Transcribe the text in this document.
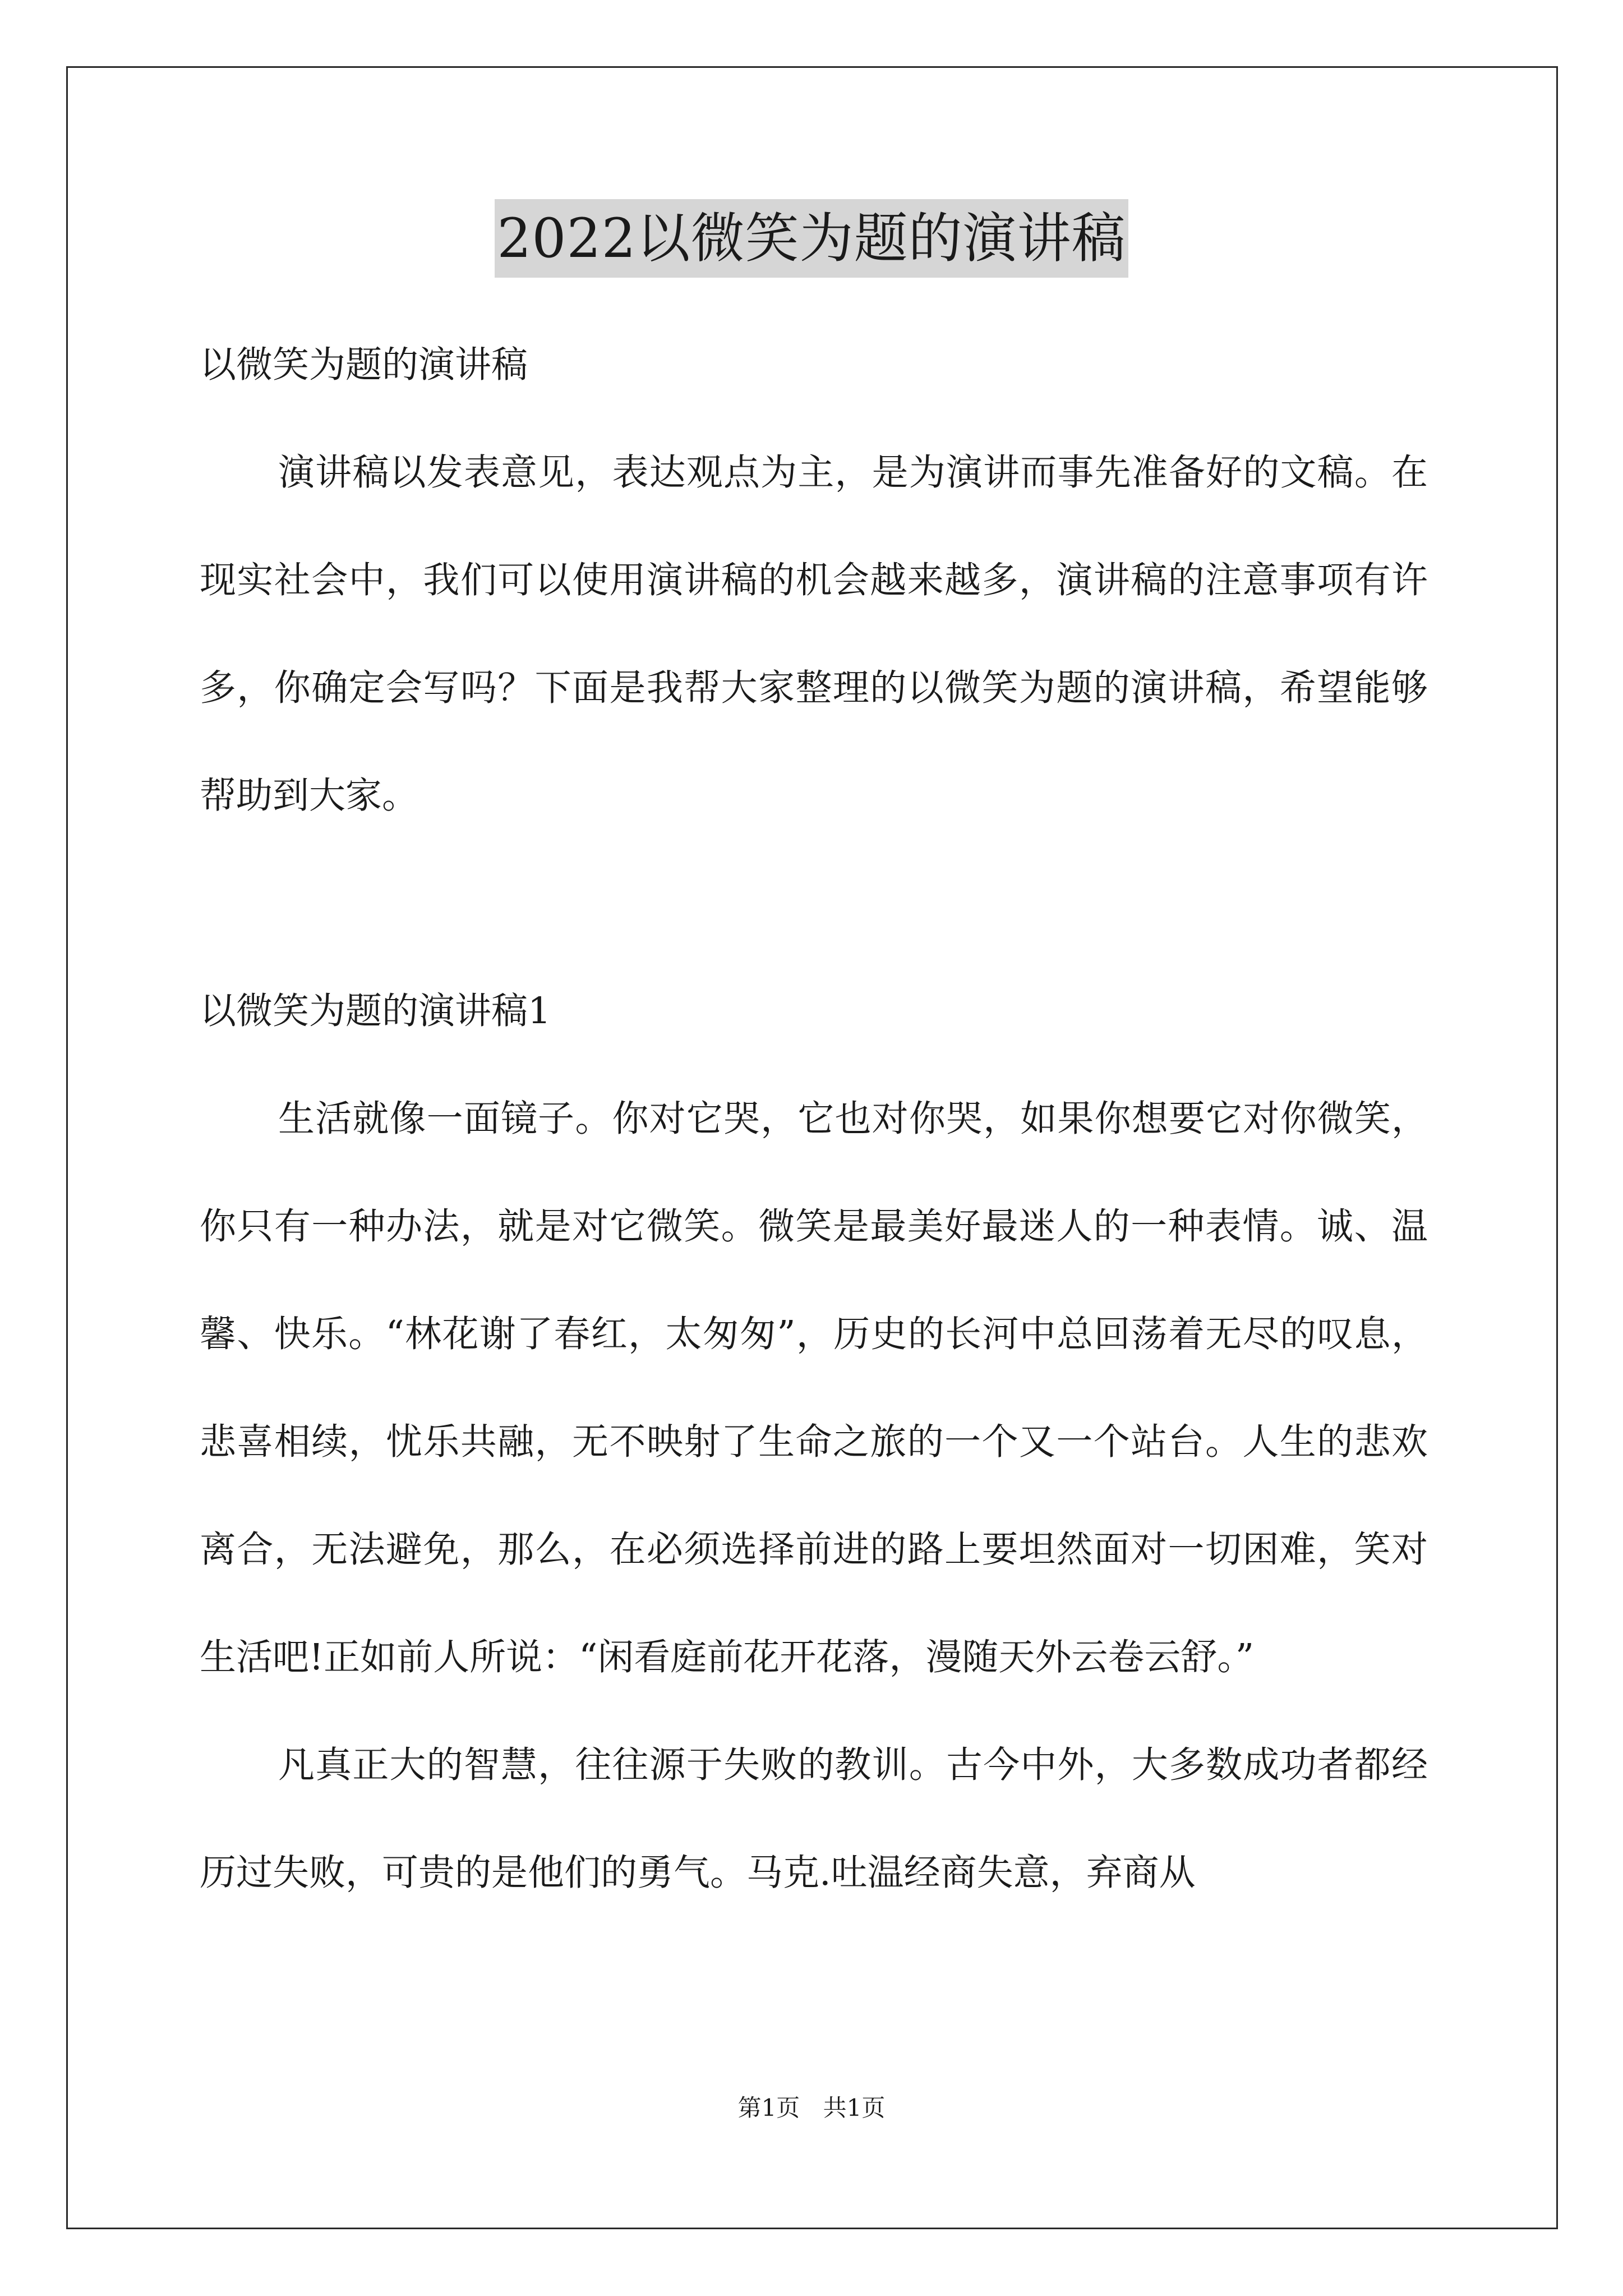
2022以微笑为题的演讲稿

以微笑为题的演讲稿

演讲稿以发表意见，表达观点为主，是为演讲而事先准备好的文稿。在现实社会中，我们可以使用演讲稿的机会越来越多，演讲稿的注意事项有许多，你确定会写吗？下面是我帮大家整理的以微笑为题的演讲稿，希望能够帮助到大家。

以微笑为题的演讲稿1

生活就像一面镜子。你对它哭，它也对你哭，如果你想要它对你微笑，你只有一种办法，就是对它微笑。微笑是最美好最迷人的一种表情。诚、温馨、快乐。“林花谢了春红，太匆匆”，历史的长河中总回荡着无尽的叹息，悲喜相续，忧乐共融，无不映射了生命之旅的一个又一个站台。人生的悲欢离合，无法避免，那么，在必须选择前进的路上要坦然面对一切困难，笑对生活吧!正如前人所说：“闲看庭前花开花落，漫随天外云卷云舒。”

凡真正大的智慧，往往源于失败的教训。古今中外，大多数成功者都经历过失败，可贵的是他们的勇气。马克.吐温经商失意，弃商从

第1页 共1页
